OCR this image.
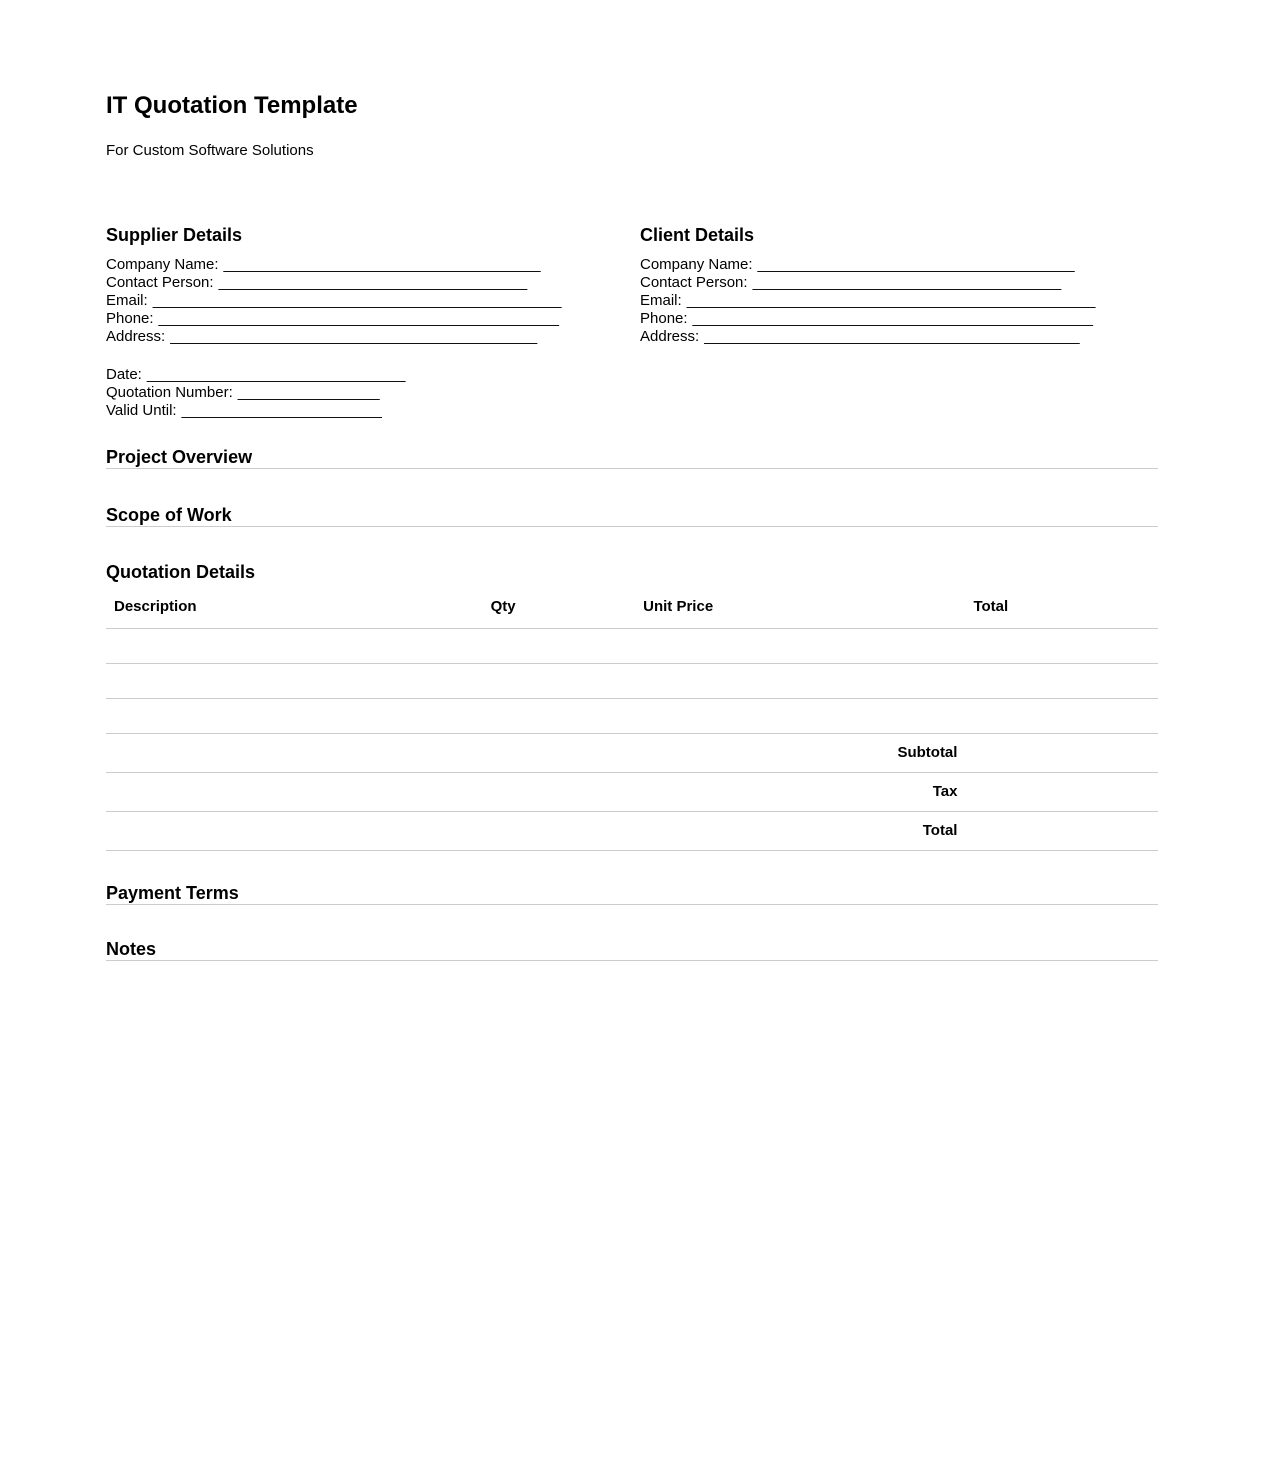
IT Quotation Template

For Custom Software Solutions

Supplier Details
Company Name: ______________________________________
Contact Person: _____________________________________
Email: _________________________________________________
Phone: ________________________________________________
Address: ____________________________________________
Date: _______________________________
Quotation Number: _________________
Valid Until: ________________________
Client Details
Company Name: ______________________________________
Contact Person: _____________________________________
Email: _________________________________________________
Phone: ________________________________________________
Address: _____________________________________________
Project Overview
Scope of Work
Quotation Details
Description	Qty	Unit Price	Total

Subtotal			
Tax			
Total			
Payment Terms
Notes
